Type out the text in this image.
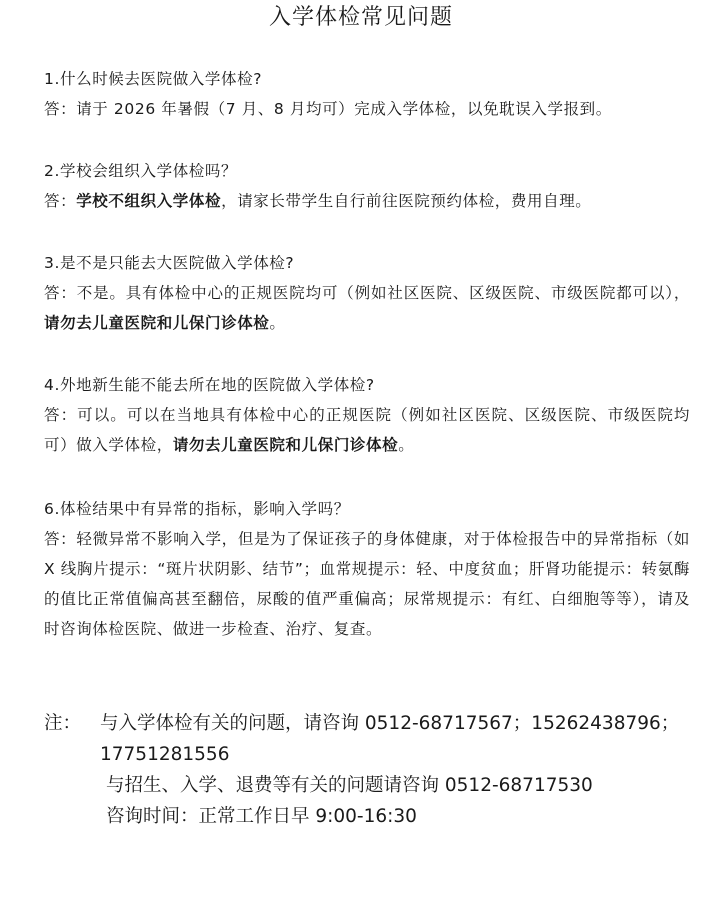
入学体检常见问题

1.什么时候去医院做入学体检?

答：请于 2026 年暑假（7 月、8 月均可）完成入学体检，以免耽误入学报到。

2.学校会组织入学体检吗？

答：学校不组织入学体检，请家长带学生自行前往医院预约体检，费用自理。

3.是不是只能去大医院做入学体检?

答：不是。具有体检中心的正规医院均可（例如社区医院、区级医院、市级医院都可以），请勿去儿童医院和儿保门诊体检。

4.外地新生能不能去所在地的医院做入学体检?

答：可以。可以在当地具有体检中心的正规医院（例如社区医院、区级医院、市级医院均可）做入学体检，请勿去儿童医院和儿保门诊体检。

6.体检结果中有异常的指标，影响入学吗？

答：轻微异常不影响入学，但是为了保证孩子的身体健康，对于体检报告中的异常指标（如 X 线胸片提示：“斑片状阴影、结节”；血常规提示：轻、中度贫血；肝肾功能提示：转氨酶的值比正常值偏高甚至翻倍，尿酸的值严重偏高；尿常规提示：有红、白细胞等等），请及时咨询体检医院、做进一步检查、治疗、复查。

注：	与入学体检有关的问题，请咨询 0512-68717567；15262438796；
17751281556
与招生、入学、退费等有关的问题请咨询 0512-68717530
咨询时间：正常工作日早 9:00-16:30
